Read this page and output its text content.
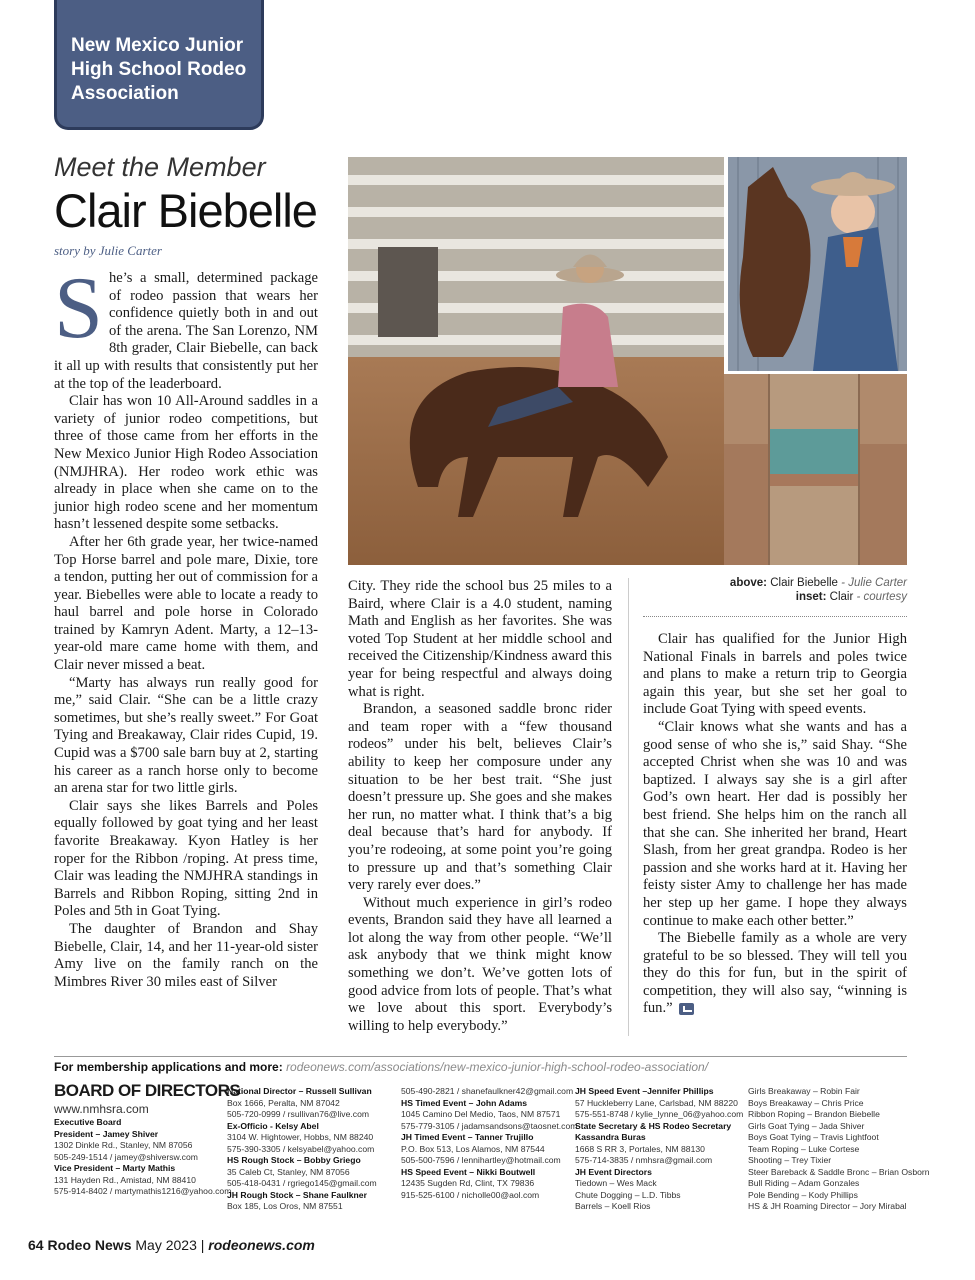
New Mexico Junior High School Rodeo Association
Meet the Member
Clair Biebelle
story by Julie Carter

She’s a small, determined package of rodeo passion that wears her confidence quietly both in and out of the arena. The San Lorenzo, NM 8th grader, Clair Biebelle, can back it all up with results that consistently put her at the top of the leaderboard.

Clair has won 10 All-Around saddles in a variety of junior rodeo competitions, but three of those came from her efforts in the New Mexico Junior High Rodeo Association (NMJHRA). Her rodeo work ethic was already in place when she came on to the junior high rodeo scene and her momentum hasn’t lessened despite some setbacks.

After her 6th grade year, her twice-named Top Horse barrel and pole mare, Dixie, tore a tendon, putting her out of commission for a year. Biebelles were able to locate a ready to haul barrel and pole horse in Colorado trained by Kamryn Adent. Marty, a 12–13-year-old mare came home with them, and Clair never missed a beat.

“Marty has always run really good for me,” said Clair. “She can be a little crazy sometimes, but she’s really sweet.” For Goat Tying and Breakaway, Clair rides Cupid, 19. Cupid was a $700 sale barn buy at 2, starting his career as a ranch horse only to become an arena star for two little girls.

Clair says she likes Barrels and Poles equally followed by goat tying and her least favorite Breakaway. Kyon Hatley is her roper for the Ribbon /roping. At press time, Clair was leading the NMJHRA standings in Barrels and Ribbon Roping, sitting 2nd in Poles and 5th in Goat Tying.

The daughter of Brandon and Shay Biebelle, Clair, 14, and her 11-year-old sister Amy live on the family ranch on the Mimbres River 30 miles east of Silver

above: Clair Biebelle - Julie Carter
inset: Clair - courtesy

City. They ride the school bus 25 miles to a Baird, where Clair is a 4.0 student, naming Math and English as her favorites. She was voted Top Student at her middle school and received the Citizenship/Kindness award this year for being respectful and always doing what is right.

Brandon, a seasoned saddle bronc rider and team roper with a “few thousand rodeos” under his belt, believes Clair’s ability to keep her composure under any situation to be her best trait. “She just doesn’t pressure up. She goes and she makes her run, no matter what. I think that’s a big deal because that’s hard for anybody. If you’re rodeoing, at some point you’re going to pressure up and that’s something Clair very rarely ever does.”

Without much experience in girl’s rodeo events, Brandon said they have all learned a lot along the way from other people. “We’ll ask anybody that we think might know something we don’t. We’ve gotten lots of good advice from lots of people. That’s what we love about this sport. Everybody’s willing to help everybody.”

Clair has qualified for the Junior High National Finals in barrels and poles twice and plans to make a return trip to Georgia again this year, but she set her goal to include Goat Tying with speed events.

“Clair knows what she wants and has a good sense of who she is,” said Shay. “She accepted Christ when she was 10 and was baptized. I always say she is a girl after God’s own heart. Her dad is possibly her best friend. She helps him on the ranch all that she can. She inherited her brand, Heart Slash, from her great grandpa. Rodeo is her passion and she works hard at it. Having her feisty sister Amy to challenge her has made her step up her game. I hope they always continue to make each other better.”

The Biebelle family as a whole are very grateful to be so blessed. They will tell you they do this for fun, but in the spirit of competition, they will also say, “winning is fun.”

For membership applications and more: rodeonews.com/associations/new-mexico-junior-high-school-rodeo-association/
BOARD OF DIRECTORS
www.nmhsra.com
Executive Board
President – Jamey Shiver
1302 Dinkle Rd., Stanley, NM 87056
505-249-1514 / jamey@shiversw.com
Vice President – Marty Mathis
131 Hayden Rd., Amistad, NM 88410
575-914-8402 / martymathis1216@yahoo.com
National Director – Russell Sullivan
Box 1666, Peralta, NM 87042
505-720-0999 / rsullivan76@live.com
Ex-Officio - Kelsy Abel
3104 W. Hightower, Hobbs, NM 88240
575-390-3305 / kelsyabel@yahoo.com
HS Rough Stock – Bobby Griego
35 Caleb Ct, Stanley, NM 87056
505-418-0431 / rgriego145@gmail.com
JH Rough Stock – Shane Faulkner
Box 185, Los Oros, NM 87551
505-490-2821 / shanefaulkner42@gmail.com
HS Timed Event – John Adams
1045 Camino Del Medio, Taos, NM 87571
575-779-3105 / jadamsandsons@taosnet.com
JH Timed Event – Tanner Trujillo
P.O. Box 513, Los Alamos, NM 87544
505-500-7596 / lennihartley@hotmail.com
HS Speed Event – Nikki Boutwell
12435 Sugden Rd, Clint, TX 79836
915-525-6100 / nicholle00@aol.com
JH Speed Event –Jennifer Phillips
57 Huckleberry Lane, Carlsbad, NM 88220
575-551-8748 / kylie_lynne_06@yahoo.com
State Secretary & HS Rodeo Secretary
Kassandra Buras
1668 S RR 3, Portales, NM 88130
575-714-3835 / nmhsra@gmail.com
JH Event Directors
Tiedown – Wes Mack
Chute Dogging – L.D. Tibbs
Barrels – Koell Rios
Girls Breakaway – Robin Fair
Boys Breakaway – Chris Price
Ribbon Roping – Brandon Biebelle
Girls Goat Tying – Jada Shiver
Boys Goat Tying – Travis Lightfoot
Team Roping – Luke Cortese
Shooting – Trey Tixier
Steer Bareback & Saddle Bronc – Brian Osborn
Bull Riding – Adam Gonzales
Pole Bending – Kody Phillips
HS & JH Roaming Director – Jory Mirabal
64 Rodeo News May 2023 | rodeonews.com
